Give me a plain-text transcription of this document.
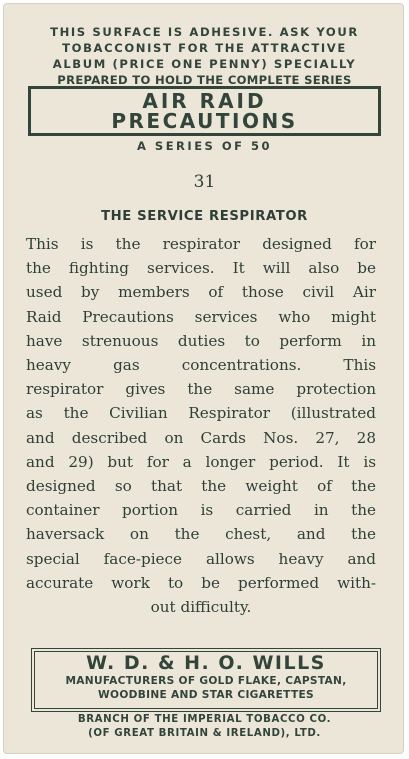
THIS SURFACE IS ADHESIVE. ASK YOUR
TOBACCONIST FOR THE ATTRACTIVE
ALBUM (PRICE ONE PENNY) SPECIALLY
PREPARED TO HOLD THE COMPLETE SERIES
AIR RAID
PRECAUTIONS
A SERIES OF 50
31
THE SERVICE RESPIRATOR
This is the respirator designed for
the fighting services. It will also be
used by members of those civil Air
Raid Precautions services who might
have strenuous duties to perform in
heavy gas concentrations. This
respirator gives the same protection
as the Civilian Respirator (illustrated
and described on Cards Nos. 27, 28
and 29) but for a longer period. It is
designed so that the weight of the
container portion is carried in the
haversack on the chest, and the
special face-piece allows heavy and
accurate work to be performed with-
out difficulty.
W. D. & H. O. WILLS
MANUFACTURERS OF GOLD FLAKE, CAPSTAN,
WOODBINE AND STAR CIGARETTES
BRANCH OF THE IMPERIAL TOBACCO CO.
(OF GREAT BRITAIN & IRELAND), LTD.
